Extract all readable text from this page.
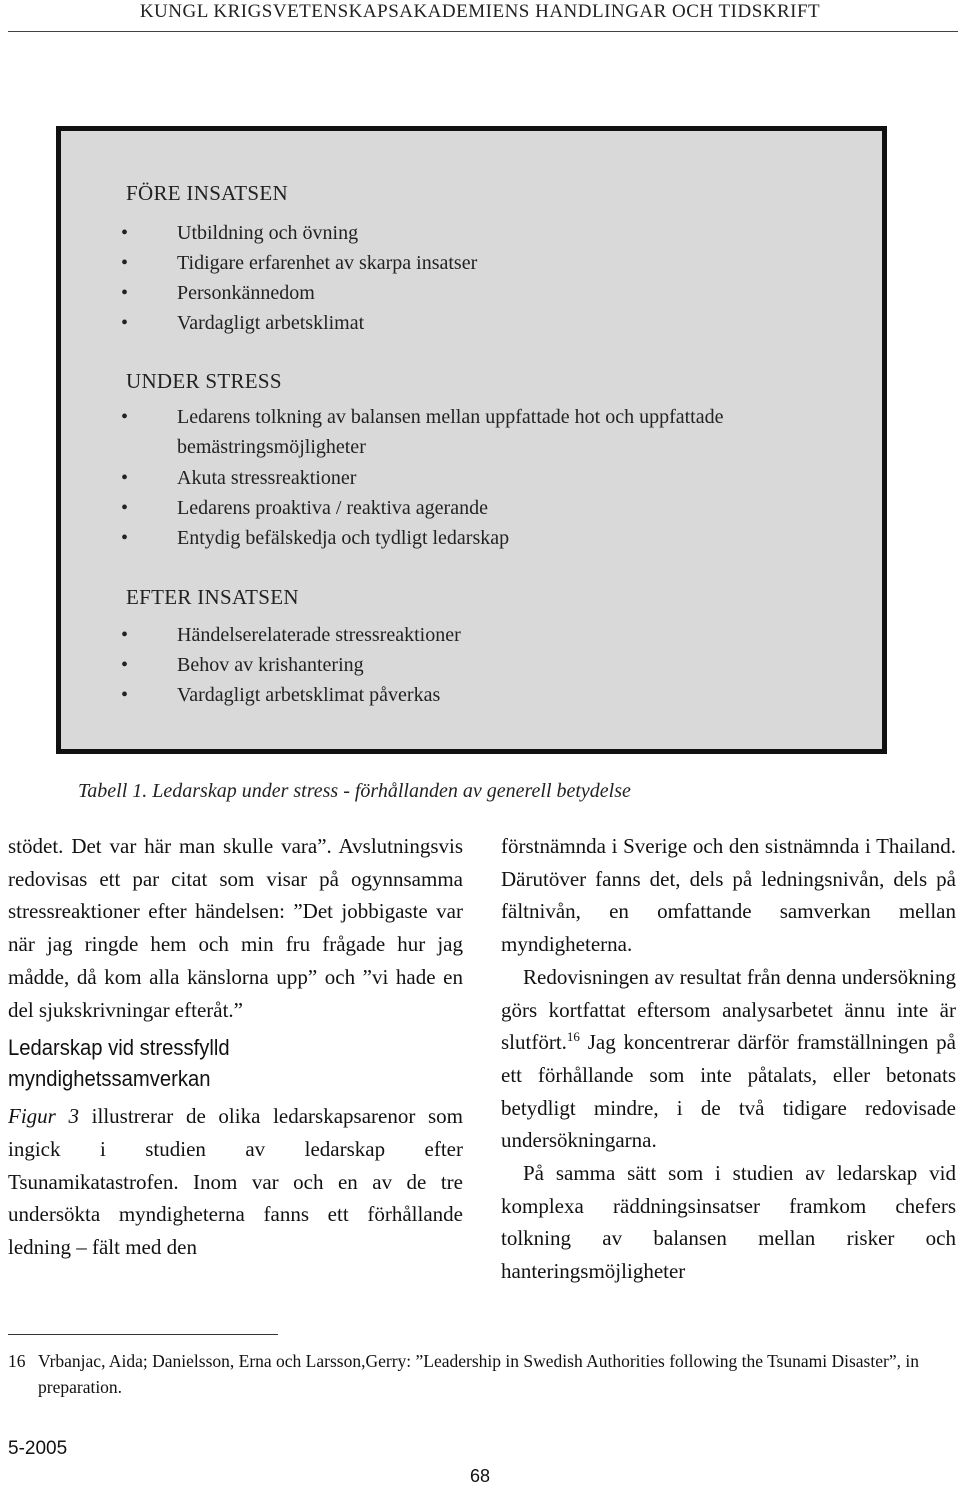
KUNGL KRIGSVETENSKAPSAKADEMIENS HANDLINGAR OCH TIDSKRIFT
FÖRE INSATSEN
• Utbildning och övning
• Tidigare erfarenhet av skarpa insatser
• Personkännedom
• Vardagligt arbetsklimat
UNDER STRESS
• Ledarens tolkning av balansen mellan uppfattade hot och uppfattade
bemästringsmöjligheter
• Akuta stressreaktioner
• Ledarens proaktiva / reaktiva agerande
• Entydig befälskedja och tydligt ledarskap
EFTER INSATSEN
• Händelserelaterade stressreaktioner
• Behov av krishantering
• Vardagligt arbetsklimat påverkas
Tabell 1. Ledarskap under stress - förhållanden av generell betydelse

stödet. Det var här man skulle vara”. Avslutningsvis redovisas ett par citat som visar på ogynnsamma stressreaktioner efter händelsen: ”Det jobbigaste var när jag ringde hem och min fru frågade hur jag mådde, då kom alla känslorna upp” och ”vi hade en del sjukskrivningar efteråt.”

Ledarskap vid stressfylld myndighetssamverkan

Figur 3 illustrerar de olika ledarskapsarenor som ingick i studien av ledarskap efter Tsunamikatastrofen. Inom var och en av de tre undersökta myndigheterna fanns ett förhållande ledning – fält med den

förstnämnda i Sverige och den sistnämnda i Thailand. Därutöver fanns det, dels på ledningsnivån, dels på fältnivån, en omfattande samverkan mellan myndigheterna.

Redovisningen av resultat från denna undersökning görs kortfattat eftersom analysarbetet ännu inte är slutfört.$^{16}$ Jag koncentrerar därför framställningen på ett förhållande som inte påtalats, eller betonats betydligt mindre, i de två tidigare redovisade undersökningarna.

På samma sätt som i studien av ledarskap vid komplexa räddningsinsatser framkom chefers tolkning av balansen mellan risker och hanteringsmöjligheter

16 Vrbanjac, Aida; Danielsson, Erna och Larsson,Gerry: ”Leadership in Swedish Authorities following the Tsunami Disaster”, in preparation.
5-2005
68
